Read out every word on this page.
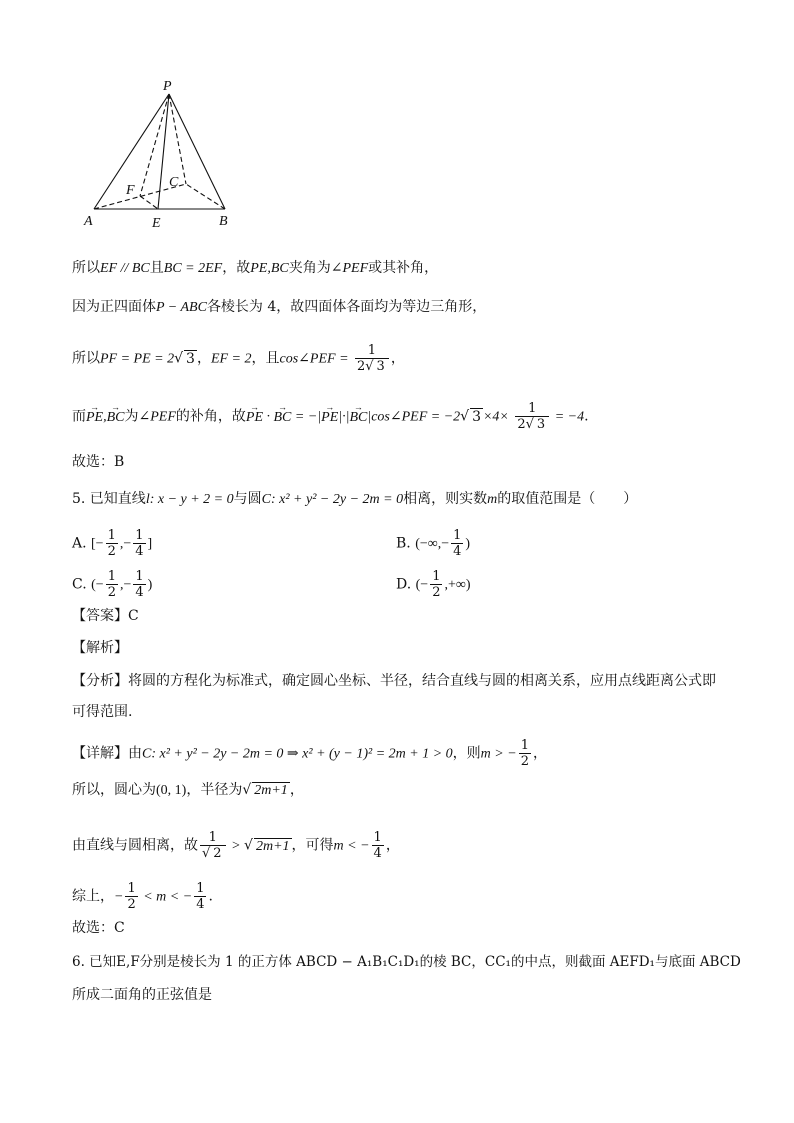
P
A	B
E
C
F
所以EF // BC且BC = 2EF，故PE,BC夹角为∠PEF或其补角，
因为正四面体P − ABC各棱长为 4，故四面体各面均为等边三角形，
所以PF = PE = 2√ 3 ，EF = 2，且cos∠PEF = $\frac{1}{2√ 3}$ ，
而→ PE,→ BC为∠PEF的补角，故→ PE · → BC = −|→ PE|·|→ BC|cos∠PEF = −2√ $3 \times 4\times \frac{1}{2√ 3} = -4$.
故选：B
5. 已知直线l: x − y + 2 = 0与圆C: x² + y² − 2y − 2m = 0相离，则实数m的取值范围是（　　）
A. [− $\frac{1}{2}$ ,− $\frac{1}{4}$ ]	B. (−∞,− $\frac{1}{4}$ )
C. (− $\frac{1}{2}$ ,− $\frac{1}{4}$ )	D. (− $\frac{1}{2}$ ,+∞)
【答案】C
【解析】
【分析】将圆的方程化为标准式，确定圆心坐标、半径，结合直线与圆的相离关系，应用点线距离公式即
可得范围.
【详解】由C: x² + y² − 2y − 2m = 0 ⇒ x² + (y − 1)² = 2m + 1 > 0，则m > − $\frac{1}{2}$ ，
所以，圆心为(0, 1)，半径为√ 2m+1 ，
由直线与圆相离，故 $\frac{1}{√ 2}$ > √ 2m+1 ，可得m < − $\frac{1}{4}$ ，
综上，− $\frac{1}{2} < m$ < − $\frac{1}{4}$ .
故选：C
6. 已知E,F分别是棱长为 1 的正方体 ABCD − A₁B₁C₁D₁的棱 BC，CC₁的中点，则截面 AEFD₁与底面 ABCD
所成二面角的正弦值是
